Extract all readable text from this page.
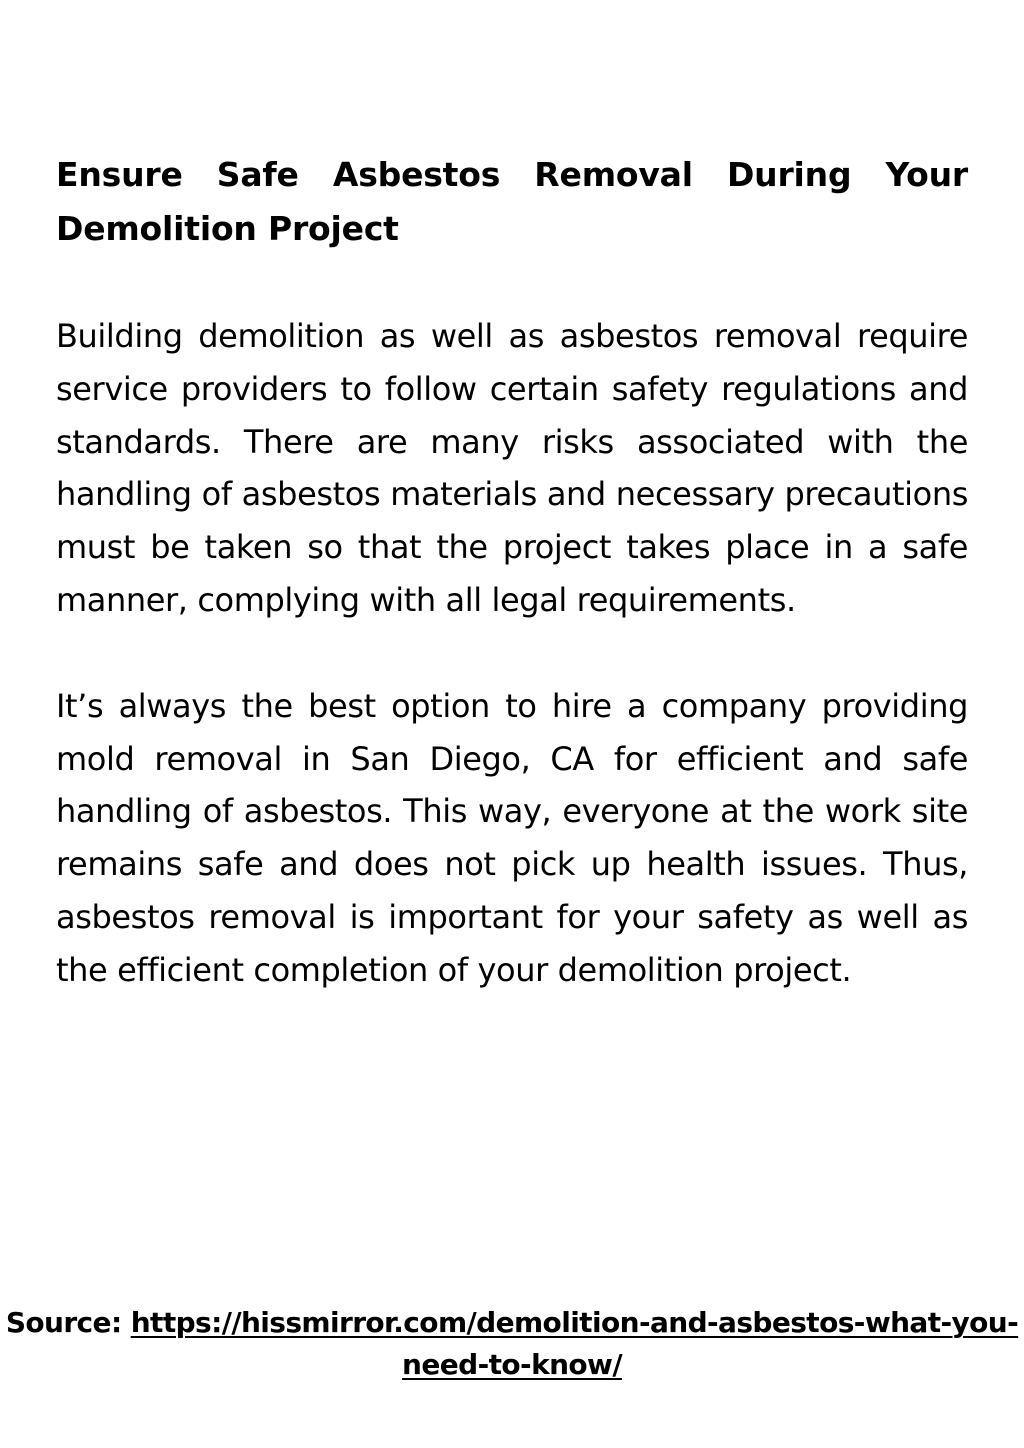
Ensure Safe Asbestos Removal During Your Demolition Project

Building demolition as well as asbestos removal require service providers to follow certain safety regulations and standards. There are many risks associated with the handling of asbestos materials and necessary precautions must be taken so that the project takes place in a safe manner, complying with all legal requirements.

It’s always the best option to hire a company providing mold removal in San Diego, CA for efficient and safe handling of asbestos. This way, everyone at the work site remains safe and does not pick up health issues. Thus, asbestos removal is important for your safety as well as the efficient completion of your demolition project.

Source: https://hissmirror.com/demolition-and-asbestos-what-you-need-to-know/
